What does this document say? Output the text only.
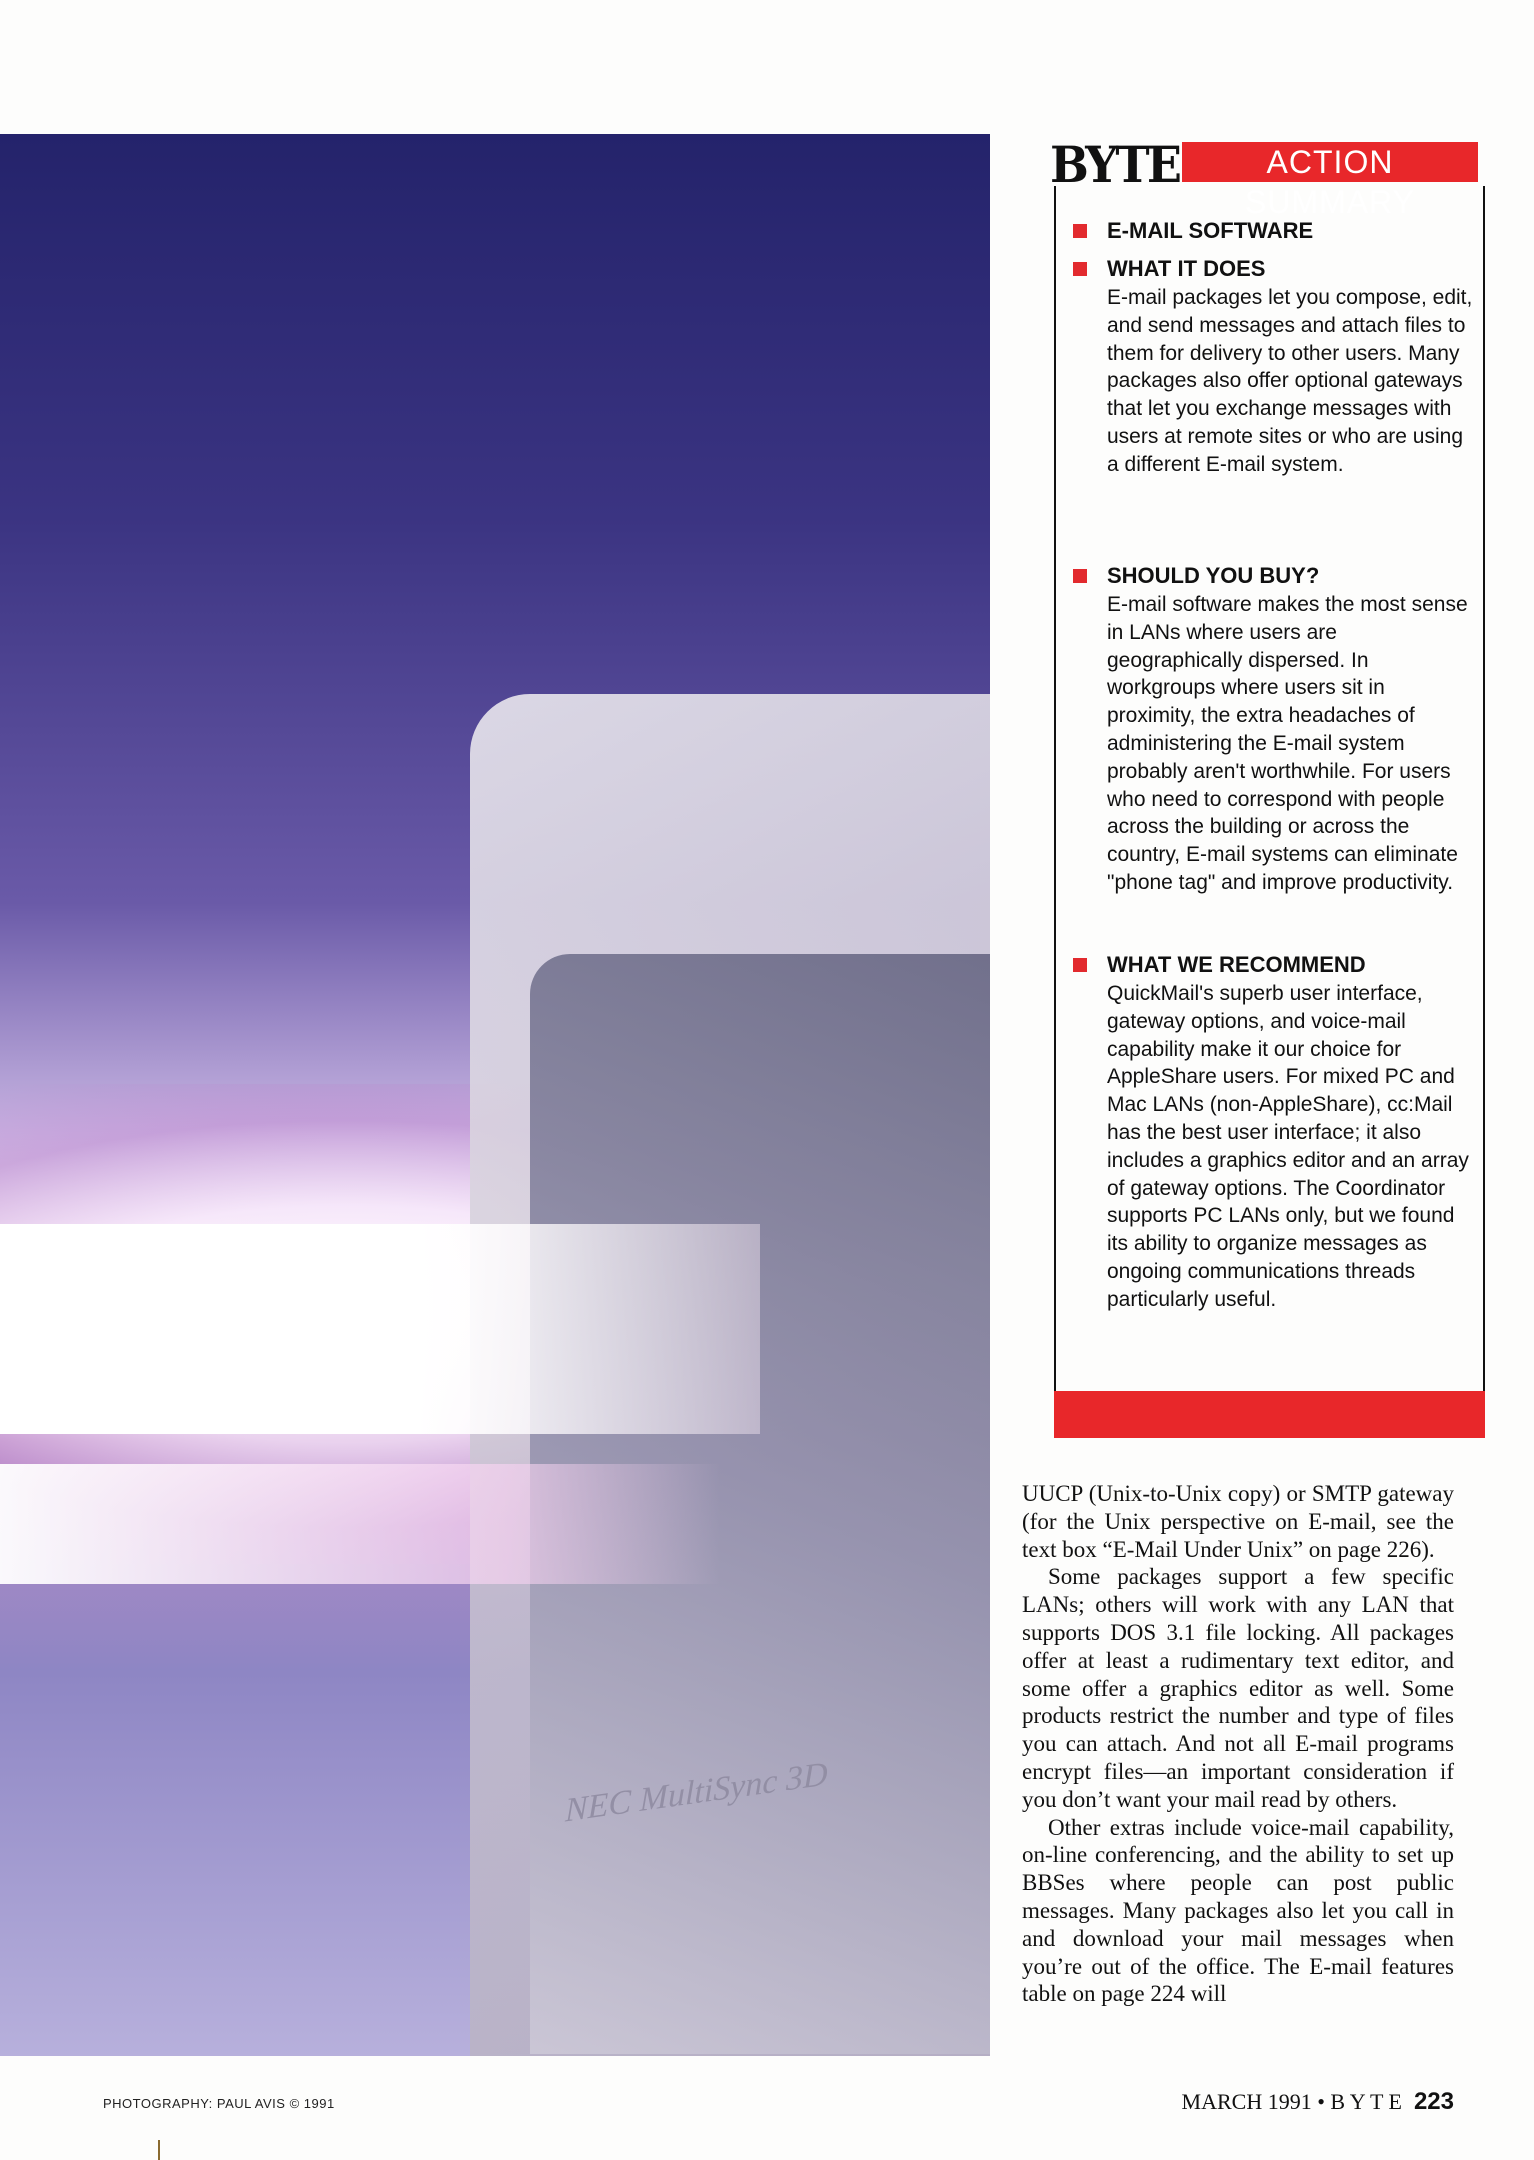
NEC MultiSync 3D
BYTE	ACTION SUMMARY
E-MAIL SOFTWARE
WHAT IT DOES
E-mail packages let you compose, edit, and send messages and attach files to them for delivery to other users. Many packages also offer optional gateways that let you exchange messages with users at remote sites or who are using a different E-mail system.
SHOULD YOU BUY?
E-mail software makes the most sense in LANs where users are geographically dispersed. In workgroups where users sit in proximity, the extra headaches of administering the E-mail system probably aren't worthwhile. For users who need to correspond with people across the building or across the country, E-mail systems can eliminate "phone tag" and improve productivity.
WHAT WE RECOMMEND
QuickMail's superb user interface, gateway options, and voice-mail capability make it our choice for AppleShare users. For mixed PC and Mac LANs (non-AppleShare), cc:Mail has the best user interface; it also includes a graphics editor and an array of gateway options. The Coordinator supports PC LANs only, but we found its ability to organize messages as ongoing communications threads particularly useful.

UUCP (Unix-to-Unix copy) or SMTP gateway (for the Unix perspective on E-mail, see the text box “E-Mail Under Unix” on page 226).

Some packages support a few specific LANs; others will work with any LAN that supports DOS 3.1 file locking. All packages offer at least a rudimentary text editor, and some offer a graphics editor as well. Some products restrict the number and type of files you can attach. And not all E-mail programs encrypt files—an important consideration if you don’t want your mail read by others.

Other extras include voice-mail capability, on-line conferencing, and the ability to set up BBSes where people can post public messages. Many packages also let you call in and download your mail messages when you’re out of the office. The E-mail features table on page 224 will

PHOTOGRAPHY: PAUL AVIS © 1991	MARCH 1991 • B Y T E 223
